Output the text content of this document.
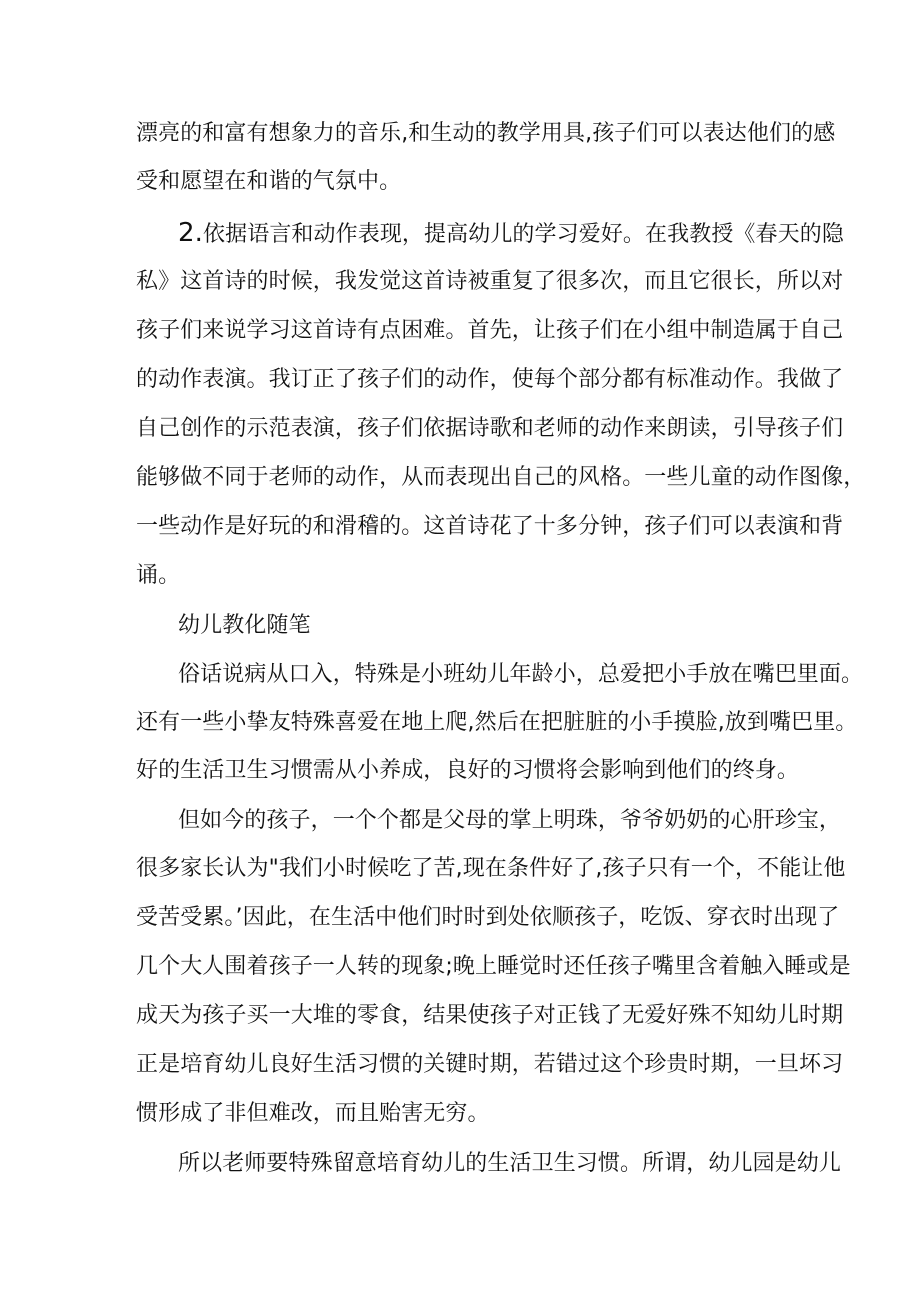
漂亮的和富有想象力的音乐,和生动的教学用具,孩子们可以表达他们的感
受和愿望在和谐的气氛中。
2.依据语言和动作表现，提高幼儿的学习爱好。在我教授《春天的隐
私》这首诗的时候，我发觉这首诗被重复了很多次，而且它很长，所以对
孩子们来说学习这首诗有点困难。首先，让孩子们在小组中制造属于自己
的动作表演。我订正了孩子们的动作，使每个部分都有标准动作。我做了
自己创作的示范表演，孩子们依据诗歌和老师的动作来朗读，引导孩子们
能够做不同于老师的动作，从而表现出自己的风格。一些儿童的动作图像，
一些动作是好玩的和滑稽的。这首诗花了十多分钟，孩子们可以表演和背
诵。
幼儿教化随笔
俗话说病从口入，特殊是小班幼儿年龄小，总爱把小手放在嘴巴里面。
还有一些小挚友特殊喜爱在地上爬,然后在把脏脏的小手摸脸,放到嘴巴里。
好的生活卫生习惯需从小养成，良好的习惯将会影响到他们的终身。
但如今的孩子，一个个都是父母的掌上明珠，爷爷奶奶的心肝珍宝，
很多家长认为"我们小时候吃了苦,现在条件好了,孩子只有一个，不能让他
受苦受累。’因此，在生活中他们时时到处依顺孩子，吃饭、穿衣时出现了
几个大人围着孩子一人转的现象;晚上睡觉时还任孩子嘴里含着触入睡或是
成天为孩子买一大堆的零食，结果使孩子对正钱了无爱好殊不知幼儿时期
正是培育幼儿良好生活习惯的关键时期，若错过这个珍贵时期，一旦坏习
惯形成了非但难改，而且贻害无穷。
所以老师要特殊留意培育幼儿的生活卫生习惯。所谓，幼儿园是幼儿
